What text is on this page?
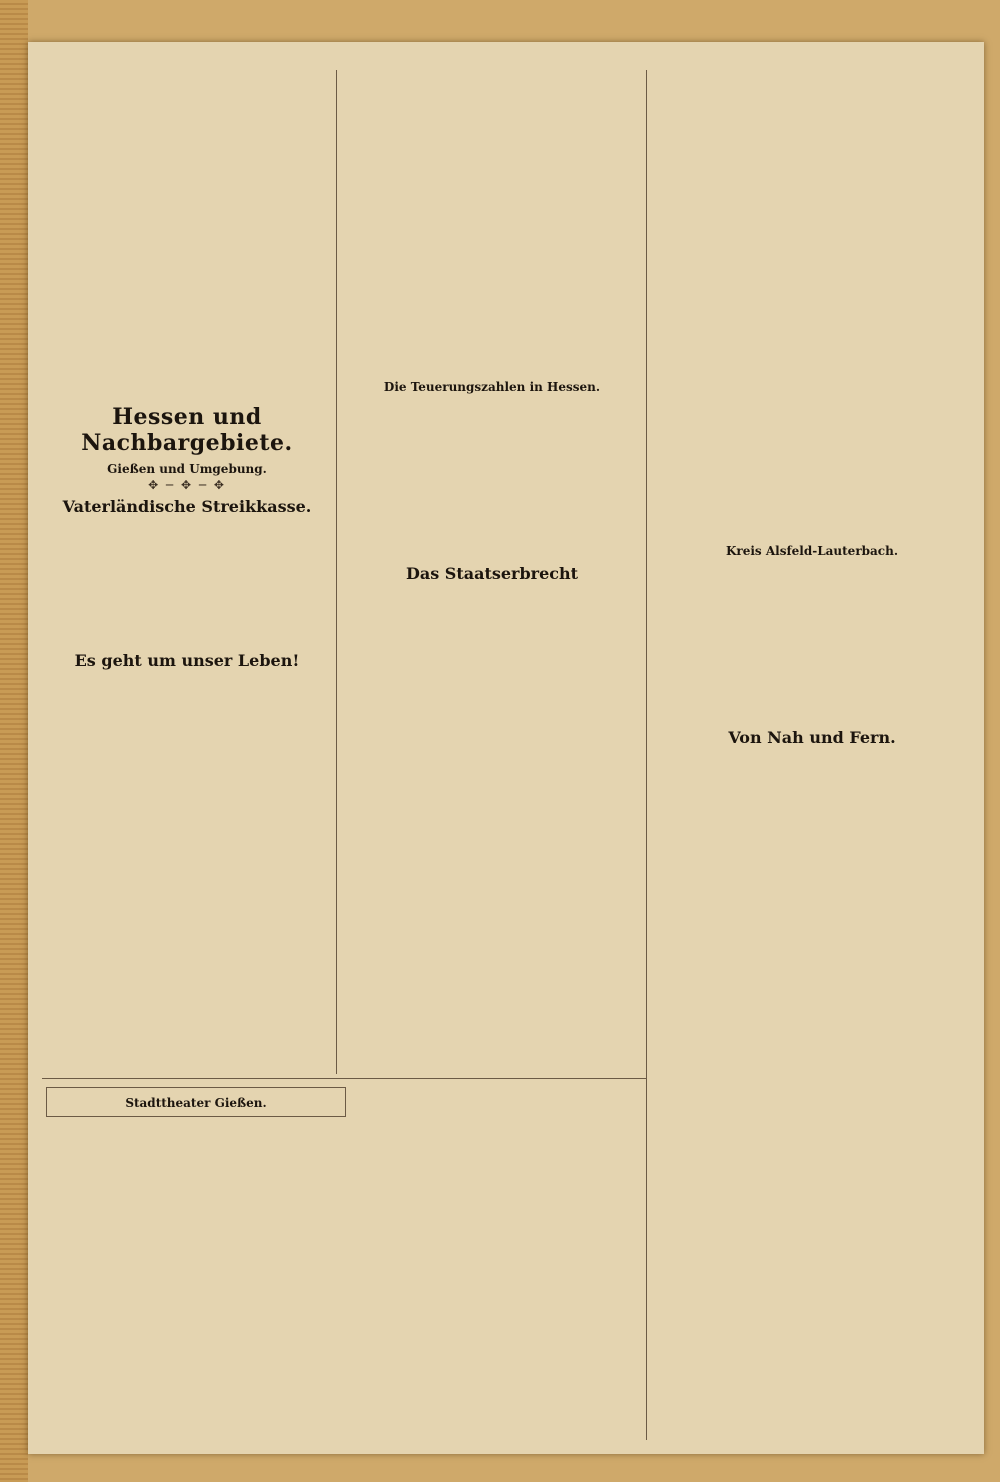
Hessen und Nachbargebiete.
Gießen und Umgebung.
✥ ─ ✥ ─ ✥
Vaterländische Streikkasse.
Es geht um unser Leben!
Die Teuerungszahlen in Hessen.
Das Staatserbrecht
Kreis Alsfeld-Lauterbach.
Von Nah und Fern.
Stadttheater Gießen.
